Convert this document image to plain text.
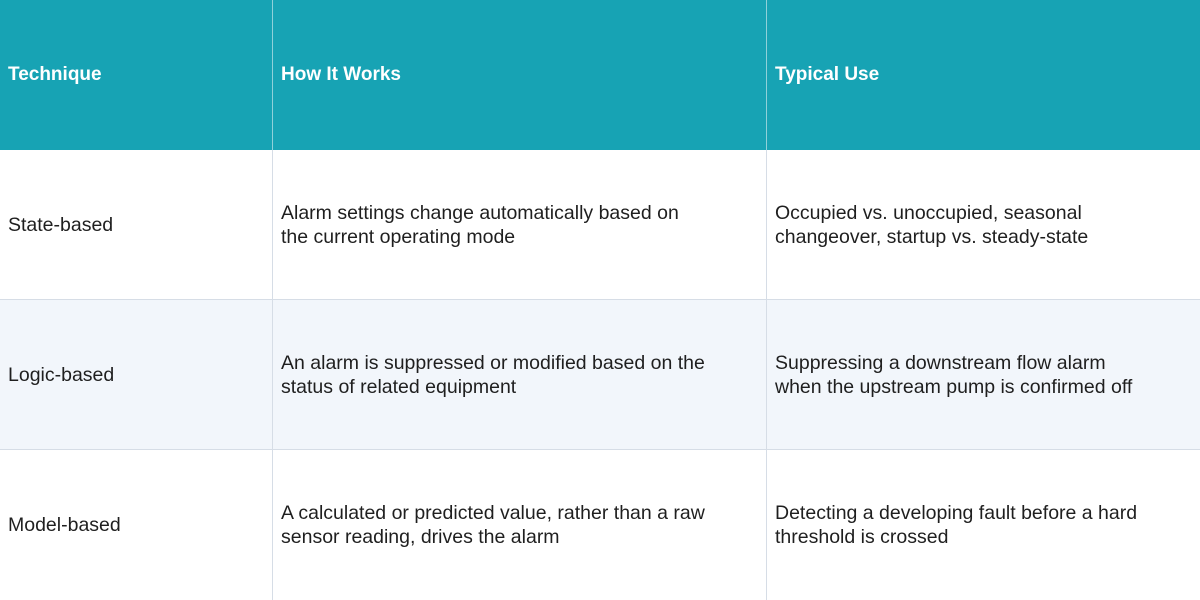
Technique	How It Works	Typical Use
State-based
Alarm settings change automatically based on
the current operating mode
Occupied vs. unoccupied, seasonal
changeover, startup vs. steady-state
Logic-based
An alarm is suppressed or modified based on the
status of related equipment
Suppressing a downstream flow alarm
when the upstream pump is confirmed off
Model-based
A calculated or predicted value, rather than a raw
sensor reading, drives the alarm
Detecting a developing fault before a hard
threshold is crossed
